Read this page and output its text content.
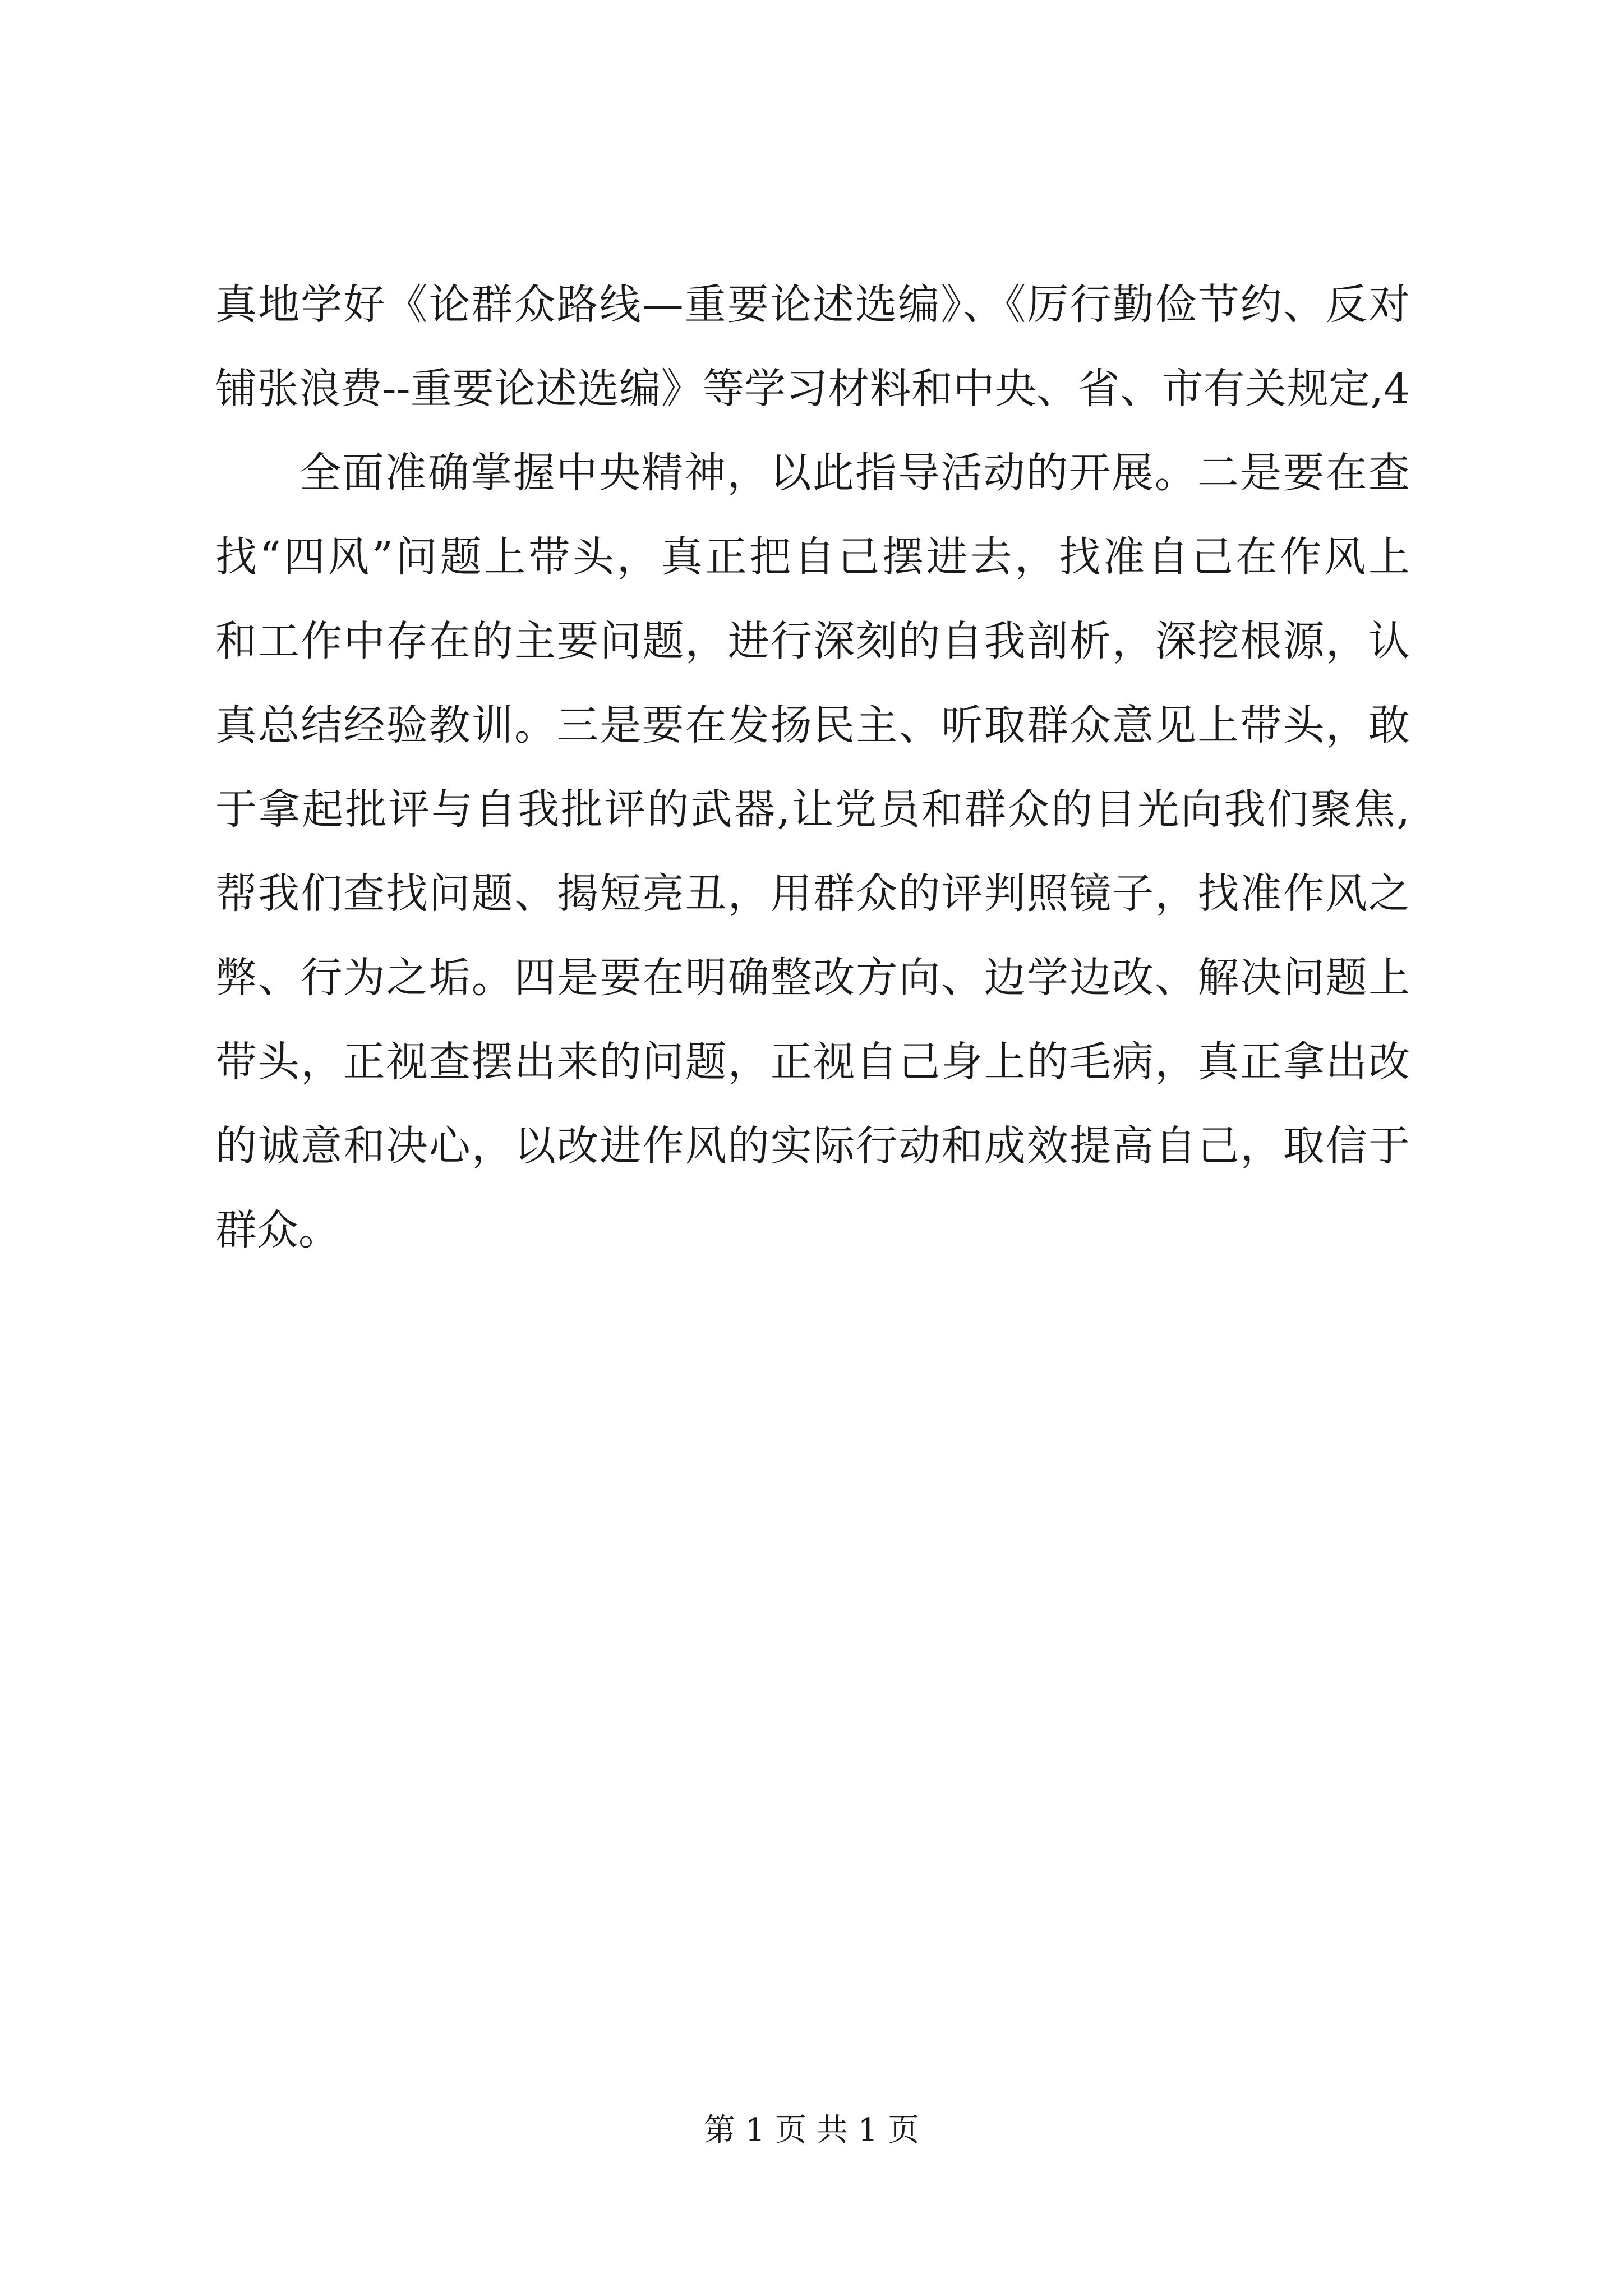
真地学好《论群众路线—重要论述选编》、《厉行勤俭节约、反对
铺张浪费--重要论述选编》等学习材料和中央、省、市有关规定,4
全面准确掌握中央精神，以此指导活动的开展。二是要在查
找“四风”问题上带头，真正把自己摆进去，找准自己在作风上
和工作中存在的主要问题，进行深刻的自我剖析，深挖根源，认
真总结经验教训。三是要在发扬民主、听取群众意见上带头，敢
于拿起批评与自我批评的武器,让党员和群众的目光向我们聚焦,
帮我们查找问题、揭短亮丑，用群众的评判照镜子，找准作风之
弊、行为之垢。四是要在明确整改方向、边学边改、解决问题上
带头，正视查摆出来的问题，正视自己身上的毛病，真正拿出改
的诚意和决心，以改进作风的实际行动和成效提高自己，取信于
群众。
第 1 页 共 1 页
